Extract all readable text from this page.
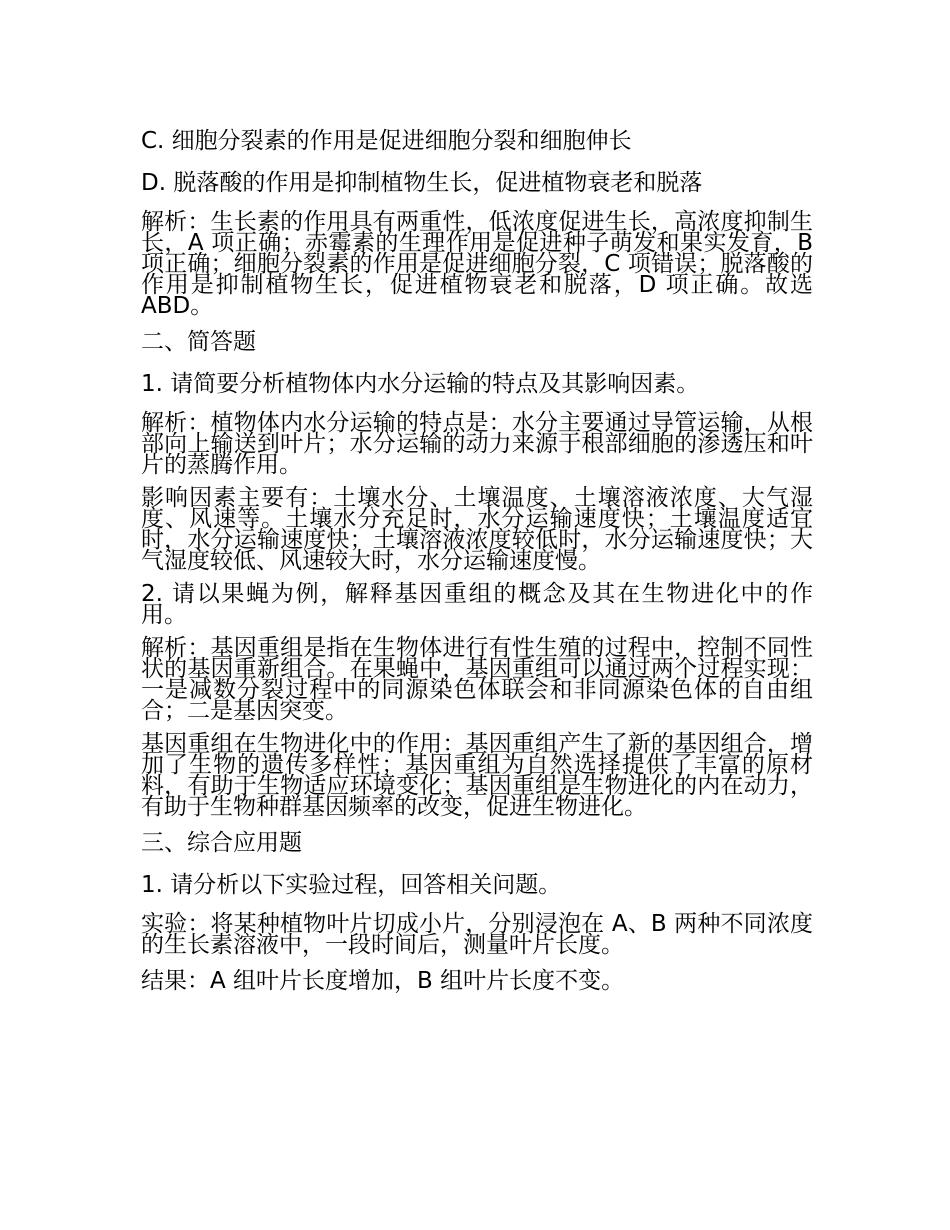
C. 细胞分裂素的作用是促进细胞分裂和细胞伸长

D. 脱落酸的作用是抑制植物生长，促进植物衰老和脱落

解析：生长素的作用具有两重性，低浓度促进生长，高浓度抑制生长，A 项正确；赤霉素的生理作用是促进种子萌发和果实发育，B 项正确；细胞分裂素的作用是促进细胞分裂，C 项错误；脱落酸的作用是抑制植物生长，促进植物衰老和脱落，D 项正确。故选 ABD。

二、简答题

1. 请简要分析植物体内水分运输的特点及其影响因素。

解析：植物体内水分运输的特点是：水分主要通过导管运输，从根部向上输送到叶片；水分运输的动力来源于根部细胞的渗透压和叶片的蒸腾作用。

影响因素主要有：土壤水分、土壤温度、土壤溶液浓度、大气湿度、风速等。土壤水分充足时，水分运输速度快；土壤温度适宜时，水分运输速度快；土壤溶液浓度较低时，水分运输速度快；大气湿度较低、风速较大时，水分运输速度慢。

2. 请以果蝇为例，解释基因重组的概念及其在生物进化中的作用。

解析：基因重组是指在生物体进行有性生殖的过程中，控制不同性状的基因重新组合。在果蝇中，基因重组可以通过两个过程实现：一是减数分裂过程中的同源染色体联会和非同源染色体的自由组合；二是基因突变。

基因重组在生物进化中的作用：基因重组产生了新的基因组合，增加了生物的遗传多样性；基因重组为自然选择提供了丰富的原材料，有助于生物适应环境变化；基因重组是生物进化的内在动力，有助于生物种群基因频率的改变，促进生物进化。

三、综合应用题

1. 请分析以下实验过程，回答相关问题。

实验：将某种植物叶片切成小片，分别浸泡在 A、B 两种不同浓度的生长素溶液中，一段时间后，测量叶片长度。

结果：A 组叶片长度增加，B 组叶片长度不变。
